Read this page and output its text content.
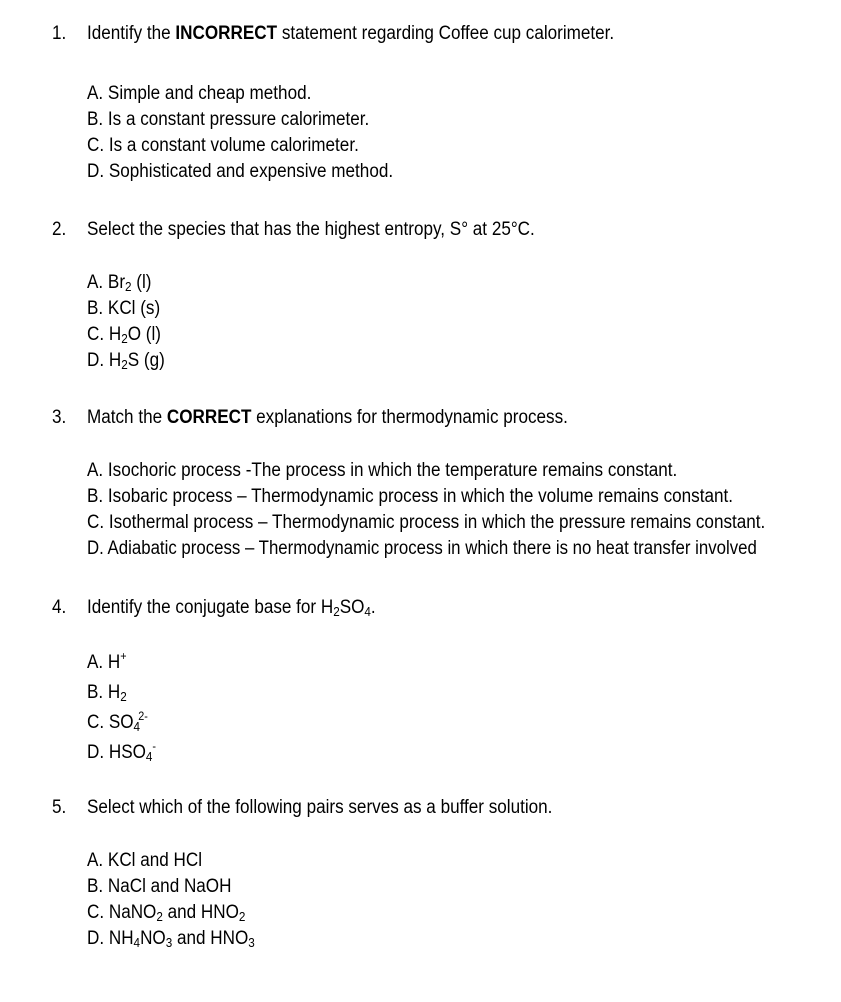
1. Identify the INCORRECT statement regarding Coffee cup calorimeter.
A. Simple and cheap method.
B. Is a constant pressure calorimeter.
C. Is a constant volume calorimeter.
D. Sophisticated and expensive method.
2. Select the species that has the highest entropy, S° at 25°C.
A. $Br_2$ (l)
B. KCl (s)
C. $H_2O$ (l)
D. $H_2S$ (g)
3. Match the CORRECT explanations for thermodynamic process.
A. Isochoric process -The process in which the temperature remains constant.
B. Isobaric process – Thermodynamic process in which the volume remains constant.
C. Isothermal process – Thermodynamic process in which the pressure remains constant.
D. Adiabatic process – Thermodynamic process in which there is no heat transfer involved
4. Identify the conjugate base for $H_2SO_4$.
A. H+
B. $H_2$
C. $SO_4^{2-}$
D. $HSO_4^-$
5. Select which of the following pairs serves as a buffer solution.
A. KCl and HCl
B. NaCl and NaOH
C. NaNO$_2$ and $HNO_2$
D. $NH_4NO_3$ and $HNO_3$
